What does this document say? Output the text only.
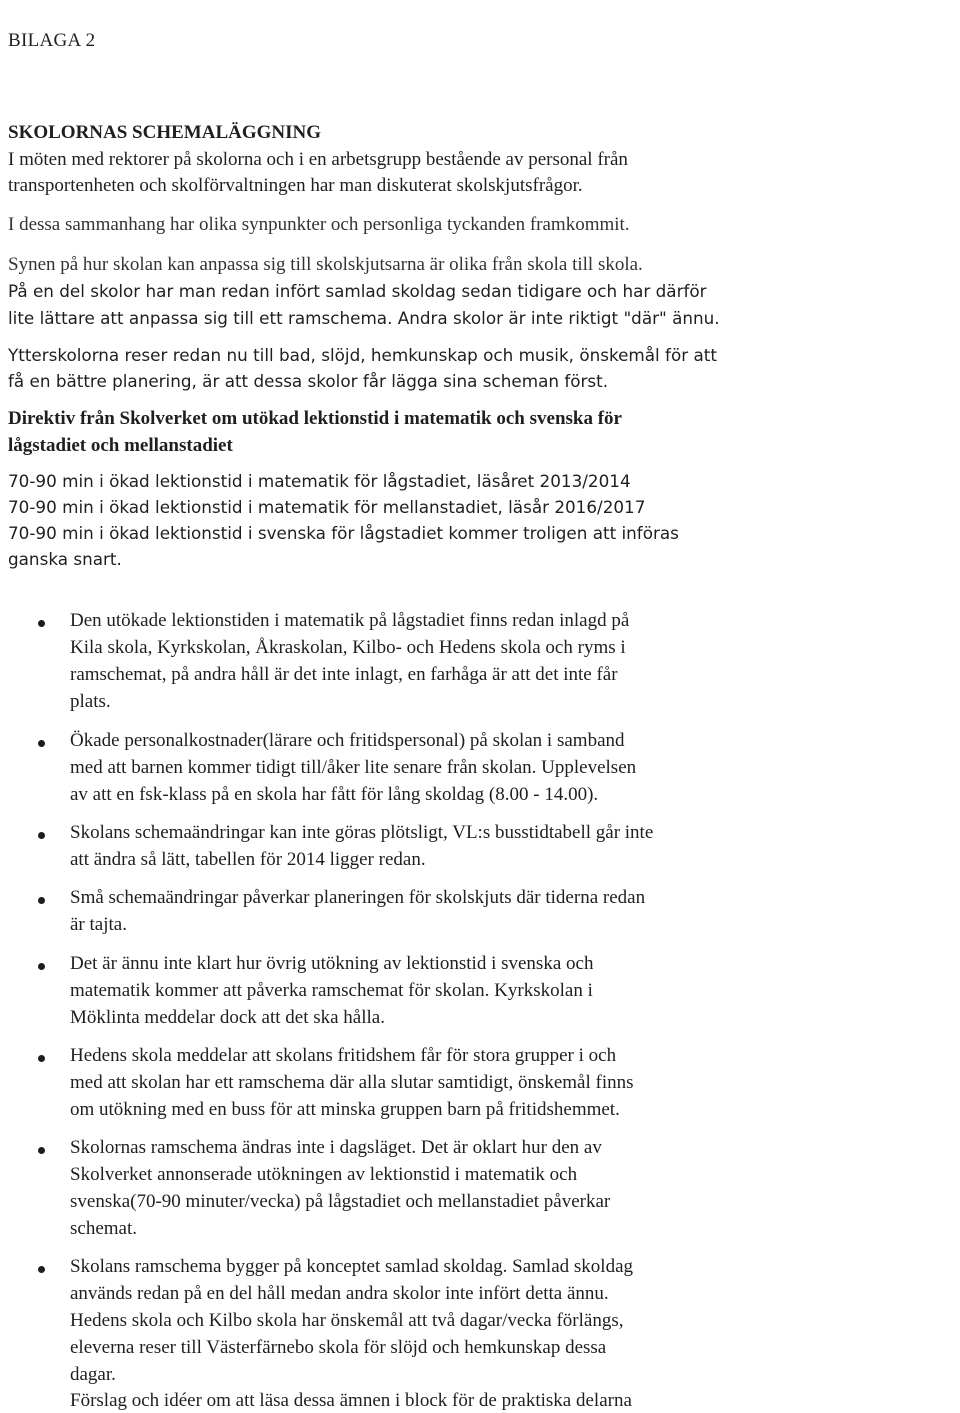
BILAGA 2
SKOLORNAS SCHEMALÄGGNING
I möten med rektorer på skolorna och i en arbetsgrupp bestående av personal från
transportenheten och skolförvaltningen har man diskuterat skolskjutsfrågor.
I dessa sammanhang har olika synpunkter och personliga tyckanden framkommit.
Synen på hur skolan kan anpassa sig till skolskjutsarna är olika från skola till skola.
På en del skolor har man redan infört samlad skoldag sedan tidigare och har därför
lite lättare att anpassa sig till ett ramschema. Andra skolor är inte riktigt "där" ännu.
Ytterskolorna reser redan nu till bad, slöjd, hemkunskap och musik, önskemål för att
få en bättre planering, är att dessa skolor får lägga sina scheman först.
Direktiv från Skolverket om utökad lektionstid i matematik och svenska för
lågstadiet och mellanstadiet
70-90 min i ökad lektionstid i matematik för lågstadiet, läsåret 2013/2014
70-90 min i ökad lektionstid i matematik för mellanstadiet, läsår 2016/2017
70-90 min i ökad lektionstid i svenska för lågstadiet kommer troligen att införas
ganska snart.
Den utökade lektionstiden i matematik på lågstadiet finns redan inlagd på
Kila skola, Kyrkskolan, Åkraskolan, Kilbo- och Hedens skola och ryms i
ramschemat, på andra håll är det inte inlagt, en farhåga är att det inte får
plats.
Ökade personalkostnader(lärare och fritidspersonal) på skolan i samband
med att barnen kommer tidigt till/åker lite senare från skolan. Upplevelsen
av att en fsk-klass på en skola har fått för lång skoldag (8.00 - 14.00).
Skolans schemaändringar kan inte göras plötsligt, VL:s busstidtabell går inte
att ändra så lätt, tabellen för 2014 ligger redan.
Små schemaändringar påverkar planeringen för skolskjuts där tiderna redan
är tajta.
Det är ännu inte klart hur övrig utökning av lektionstid i svenska och
matematik kommer att påverka ramschemat för skolan. Kyrkskolan i
Möklinta meddelar dock att det ska hålla.
Hedens skola meddelar att skolans fritidshem får för stora grupper i och
med att skolan har ett ramschema där alla slutar samtidigt, önskemål finns
om utökning med en buss för att minska gruppen barn på fritidshemmet.
Skolornas ramschema ändras inte i dagsläget. Det är oklart hur den av
Skolverket annonserade utökningen av lektionstid i matematik och
svenska(70-90 minuter/vecka) på lågstadiet och mellanstadiet påverkar
schemat.
Skolans ramschema bygger på konceptet samlad skoldag. Samlad skoldag
används redan på en del håll medan andra skolor inte infört detta ännu.
Hedens skola och Kilbo skola har önskemål att två dagar/vecka förlängs,
eleverna reser till Västerfärnebo skola för slöjd och hemkunskap dessa
dagar.
Förslag och idéer om att läsa dessa ämnen i block för de praktiska delarna
